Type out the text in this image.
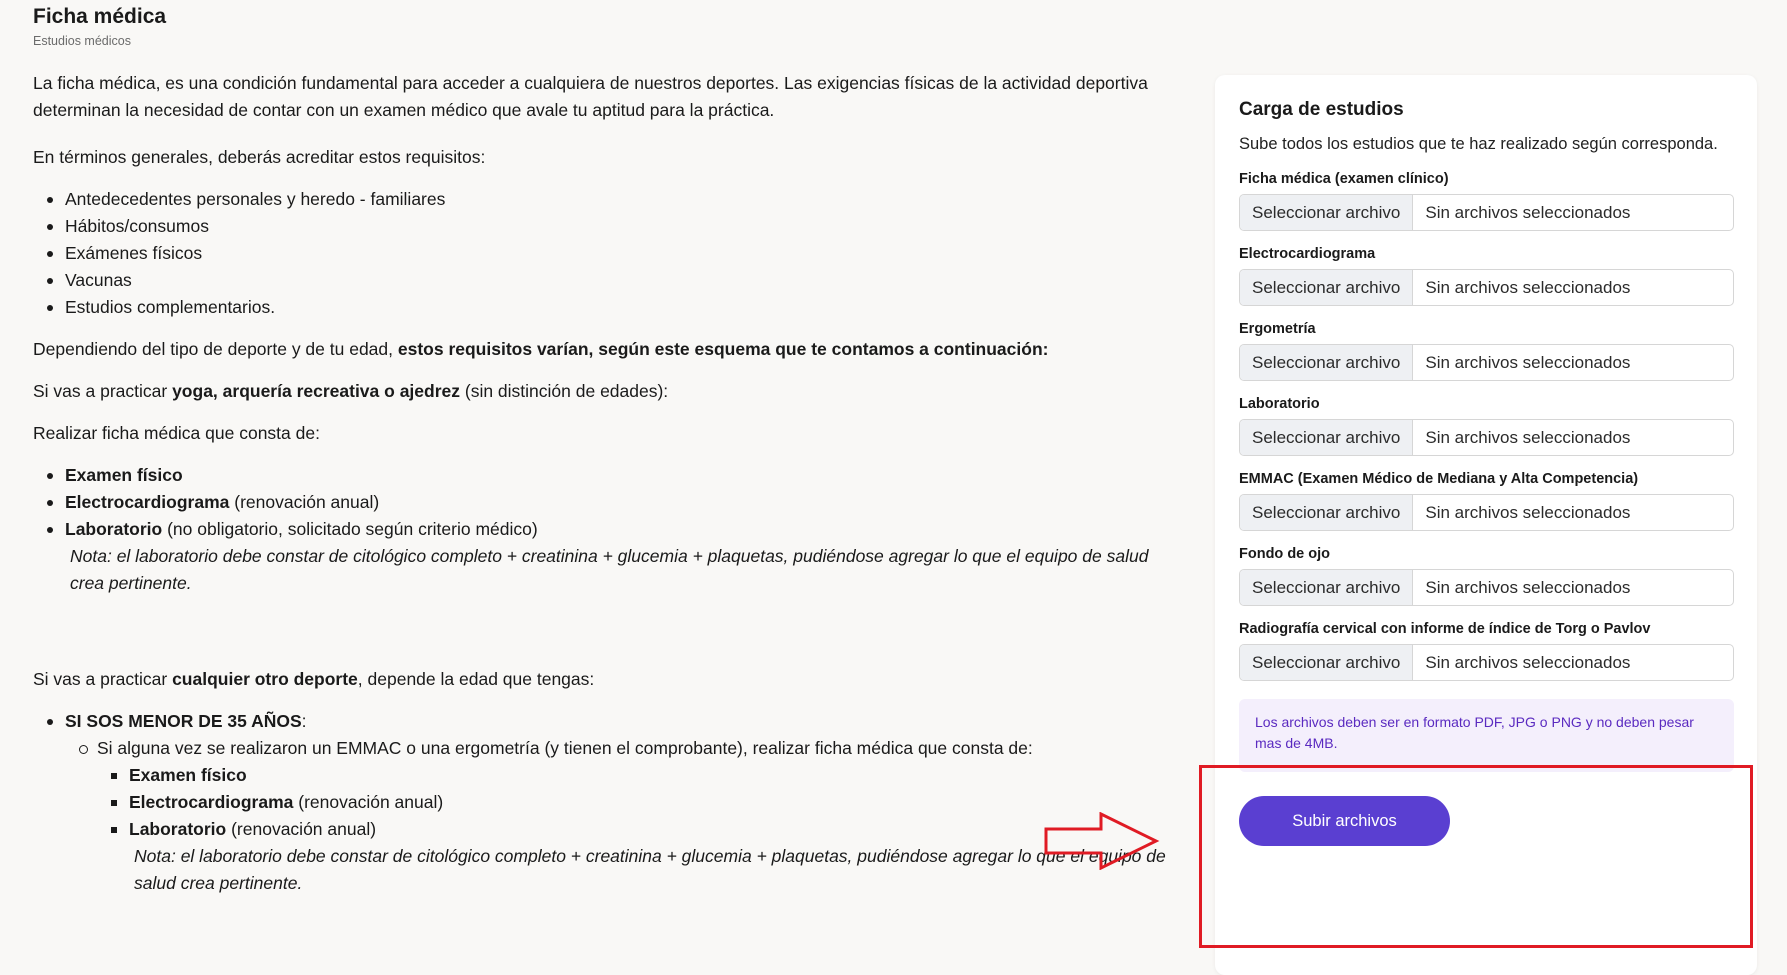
Ficha médica
Estudios médicos

La ficha médica, es una condición fundamental para acceder a cualquiera de nuestros deportes. Las exigencias físicas de la actividad deportiva determinan la necesidad de contar con un examen médico que avale tu aptitud para la práctica.

En términos generales, deberás acreditar estos requisitos:

Antedecedentes personales y heredo - familiares
Hábitos/consumos
Exámenes físicos
Vacunas
Estudios complementarios.

Dependiendo del tipo de deporte y de tu edad, estos requisitos varían, según este esquema que te contamos a continuación:

Si vas a practicar yoga, arquería recreativa o ajedrez (sin distinción de edades):

Realizar ficha médica que consta de:

Examen físico
Electrocardiograma (renovación anual)
Laboratorio (no obligatorio, solicitado según criterio médico)
Nota: el laboratorio debe constar de citológico completo + creatinina + glucemia + plaquetas, pudiéndose agregar lo que el equipo de salud crea pertinente.

Si vas a practicar cualquier otro deporte, depende la edad que tengas:

SI SOS MENOR DE 35 AÑOS:
Si alguna vez se realizaron un EMMAC o una ergometría (y tienen el comprobante), realizar ficha médica que consta de:
Examen físico
Electrocardiograma (renovación anual)
Laboratorio (renovación anual)
Nota: el laboratorio debe constar de citológico completo + creatinina + glucemia + plaquetas, pudiéndose agregar lo que el equipo de salud crea pertinente.
Carga de estudios
Sube todos los estudios que te haz realizado según corresponda.
Ficha médica (examen clínico)
Seleccionar archivo	Sin archivos seleccionados
Electrocardiograma
Seleccionar archivo	Sin archivos seleccionados
Ergometría
Seleccionar archivo	Sin archivos seleccionados
Laboratorio
Seleccionar archivo	Sin archivos seleccionados
EMMAC (Examen Médico de Mediana y Alta Competencia)
Seleccionar archivo	Sin archivos seleccionados
Fondo de ojo
Seleccionar archivo	Sin archivos seleccionados
Radiografía cervical con informe de índice de Torg o Pavlov
Seleccionar archivo	Sin archivos seleccionados
Los archivos deben ser en formato PDF, JPG o PNG y no deben pesar mas de 4MB.
Subir archivos
